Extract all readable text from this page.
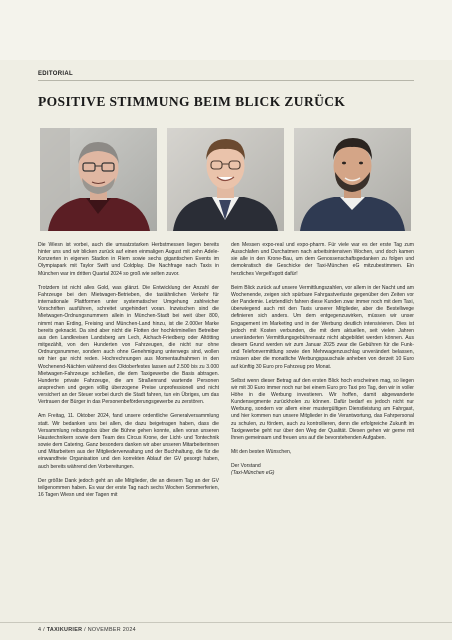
EDITORIAL
POSITIVE STIMMUNG BEIM BLICK ZURÜCK

Die Wiesn ist vorbei, auch die umsatzstarken Herbstmessen liegen bereits hinter uns und wir blicken zurück auf einen einmaligen August mit zehn Adele-Konzerten in eigenen Stadion in Riem sowie sechs gigantischen Events im Olympiapark mit Taylor Swift und Coldplay. Die Nachfrage nach Taxis in München war im dritten Quartal 2024 so groß wie selten zuvor.

Trotzdem ist nicht alles Gold, was glänzt. Die Entwicklung der Anzahl der Fahrzeuge bei den Mietwagen-Betrieben, die taxiähnlichen Verkehr für internationale Plattformen unter systematischer Umgehung zahlreicher Vorschriften ausführen, schreitet ungehindert voran. Inzwischen sind die Mietwagen-Ordnungsnummern allein in München-Stadt bei weit über 800, nimmt man Erding, Freising und München-Land hinzu, ist die 2.000er Marke bereits geknackt. Da sind aber nicht die Flotten der hochkriminellen Betreiber aus den Landkreisen Landsberg am Lech, Aichach-Friedberg oder Altötting mitgezählt, von den Hunderten von Fahrzeugen, die nicht nur ohne Ordnungsnummer, sondern auch ohne Genehmigung unterwegs sind, wollen wir hier gar nicht reden. Hochrechnungen aus Momentaufnahmen in den Wochenend-Nächten während des Oktoberfestes lassen auf 2.500 bis zu 3.000 Mietwagen-Fahrzeuge schließen, die dem Taxigewerbe die Basis abtragen. Hunderte private Fahrzeuge, die am Straßenrand wartende Personen ansprechen und gegen völlig überzogene Preise unprofessionell und nicht versichert an der Steuer vorbei durch die Stadt fahren, tun ein Übriges, um das Vertrauen der Bürger in das Personenbeförderungsgewerbe zu zerstören.

Am Freitag, 11. Oktober 2024, fand unsere ordentliche Generalversammlung statt. Wir bedanken uns bei allen, die dazu beigetragen haben, dass die Versammlung reibungslos über die Bühne gehen konnte, allen voran unseren Haustechnikern sowie dem Team des Circus Krone, der Licht- und Tontechnik sowie dem Catering. Ganz besonders danken wir aber unseren Mitarbeiterinnen und Mitarbeitern aus der Mitgliederverwaltung und der Buchhaltung, die für die einwandfreie Organisation und den korrekten Ablauf der GV gesorgt haben, auch bereits während den Vorbereitungen.

Der größte Dank jedoch geht an alle Mitglieder, die an diesem Tag an der GV teilgenommen haben. Es war der erste Tag nach sechs Wochen Sommerferien, 16 Tagen Wiesn und vier Tagen mit

den Messen expo-real und expo-pharm. Für viele war es der erste Tag zum Ausschlafen und Durchatmen nach arbeitsintensiven Wochen, und doch kamen sie alle in den Krone-Bau, um dem Genossenschaftsgedanken zu folgen und demokratisch die Geschicke der Taxi-München eG mitzubestimmen. Ein herzliches Vergelt'sgott dafür!

Beim Blick zurück auf unsere Vermittlungszahlen, vor allem in der Nacht und am Wochenende, zeigen sich spürbare Fahrgastverluste gegenüber den Zeiten vor der Pandemie. Letztendlich fahren diese Kunden zwar immer noch mit dem Taxi, überwiegend auch mit den Taxis unserer Mitglieder, aber die Bestellwege definieren sich anders. Um dem entgegenzuwirken, müssen wir unser Engagement im Marketing und in der Werbung deutlich intensivieren. Dies ist jedoch mit Kosten verbunden, die mit dem aktuellen, seit vielen Jahren unveränderten Vermittlungsgebührensatz nicht abgebildet werden können. Aus diesem Grund werden wir zum Januar 2025 zwar die Gebühren für die Funk- und Telefonvermittlung sowie den Mehrwagenzuschlag unverändert belassen, müssen aber die monatliche Werbungspauschale anheben von derzeit 10 Euro auf künftig 30 Euro pro Fahrzeug pro Monat.

Selbst wenn dieser Betrag auf den ersten Blick hoch erscheinen mag, so liegen wir mit 30 Euro immer noch nur bei einem Euro pro Taxi pro Tag, den wir in voller Höhe in die Werbung investieren. Wir hoffen, damit abgewanderte Kundensegmente zurückholen zu können. Dafür bedarf es jedoch nicht nur Werbung, sondern vor allem einer mustergültigen Dienstleistung am Fahrgast, und hier kommen nun unsere Mitglieder in die Verantwortung, das Fahrpersonal zu schulen, zu fördern, auch zu kontrollieren, denn die erfolgreiche Zukunft im Taxigewerbe geht nur über den Weg der Qualität. Diesen gehen wir gerne mit Ihnen gemeinsam und freuen uns auf die bevorstehenden Aufgaben.

Mit den besten Wünschen,

Der Vorstand

(Taxi-München eG)

4 / TAXIKURIER / NOVEMBER 2024
